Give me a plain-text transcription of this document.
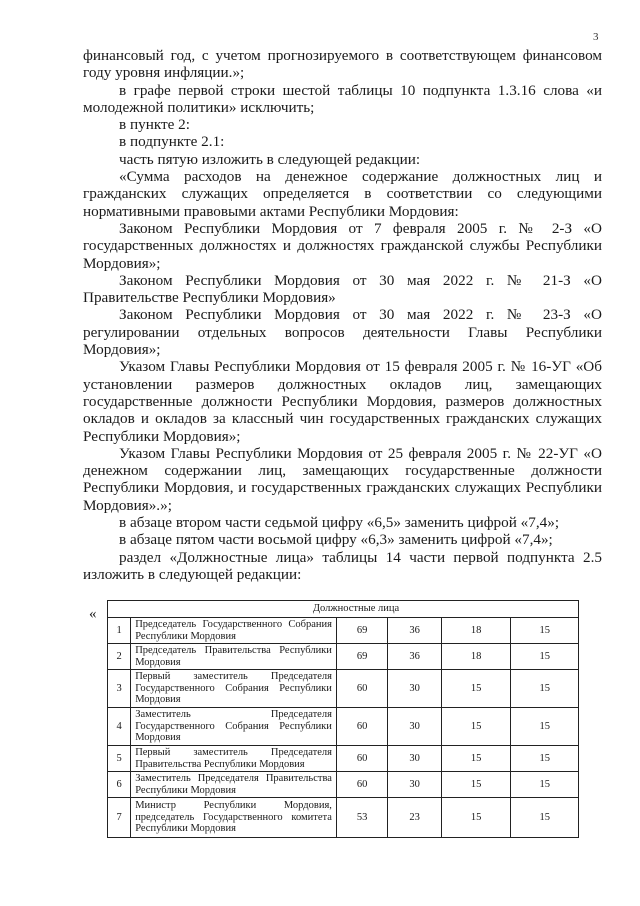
3

финансовый год, с учетом прогнозируемого в соответствующем финансовом году уровня инфляции.»;

в графе первой строки шестой таблицы 10 подпункта 1.3.16 слова «и молодежной политики» исключить;

в пункте 2:

в подпункте 2.1:

часть пятую изложить в следующей редакции:

«Сумма расходов на денежное содержание должностных лиц и гражданских служащих определяется в соответствии со следующими нормативными правовыми актами Республики Мордовия:

Законом Республики Мордовия от 7 февраля 2005 г. № 2-З «О государственных должностях и должностях гражданской службы Республики Мордовия»;

Законом Республики Мордовия от 30 мая 2022 г. № 21-З «О Правительстве Республики Мордовия»

Законом Республики Мордовия от 30 мая 2022 г. № 23-З «О регулировании отдельных вопросов деятельности Главы Республики Мордовия»;

Указом Главы Республики Мордовия от 15 февраля 2005 г. № 16-УГ «Об установлении размеров должностных окладов лиц, замещающих государственные должности Республики Мордовия, размеров должностных окладов и окладов за классный чин государственных гражданских служащих Республики Мордовия»;

Указом Главы Республики Мордовия от 25 февраля 2005 г. № 22-УГ «О денежном содержании лиц, замещающих государственные должности Республики Мордовия, и государственных гражданских служащих Республики Мордовия».»;

в абзаце втором части седьмой цифру «6,5» заменить цифрой «7,4»;

в абзаце пятом части восьмой цифру «6,3» заменить цифрой «7,4»;

раздел «Должностные лица» таблицы 14 части первой подпункта 2.5 изложить в следующей редакции:

«	Должностные лица					
1	Председатель Государственного Собрания Республики Мордовия	69	36	18	15
2	Председатель Правительства Республики Мордовия	69	36	18	15
3	Первый заместитель Председателя Государственного Собрания Республики Мордовия	60	30	15	15
4	Заместитель Председателя Государственного Собрания Республики Мордовия	60	30	15	15
5	Первый заместитель Председателя Правительства Республики Мордовия	60	30	15	15
6	Заместитель Председателя Правительства Республики Мордовия	60	30	15	15
7	Министр Республики Мордовия, председатель Государственного комитета Республики Мордовия	53	23	15	15
